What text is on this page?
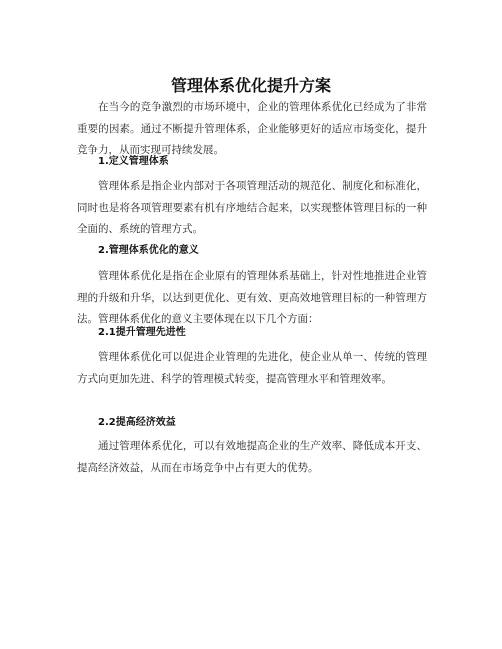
管理体系优化提升方案

在当今的竞争激烈的市场环境中，企业的管理体系优化已经成为了非常重要的因素。通过不断提升管理体系，企业能够更好的适应市场变化，提升竞争力，从而实现可持续发展。

1.定义管理体系

管理体系是指企业内部对于各项管理活动的规范化、制度化和标准化，同时也是将各项管理要素有机有序地结合起来，以实现整体管理目标的一种全面的、系统的管理方式。

2.管理体系优化的意义

管理体系优化是指在企业原有的管理体系基础上，针对性地推进企业管理的升级和升华，以达到更优化、更有效、更高效地管理目标的一种管理方法。管理体系优化的意义主要体现在以下几个方面：

2.1提升管理先进性

管理体系优化可以促进企业管理的先进化，使企业从单一、传统的管理方式向更加先进、科学的管理模式转变，提高管理水平和管理效率。

2.2提高经济效益

通过管理体系优化，可以有效地提高企业的生产效率、降低成本开支、提高经济效益，从而在市场竞争中占有更大的优势。
